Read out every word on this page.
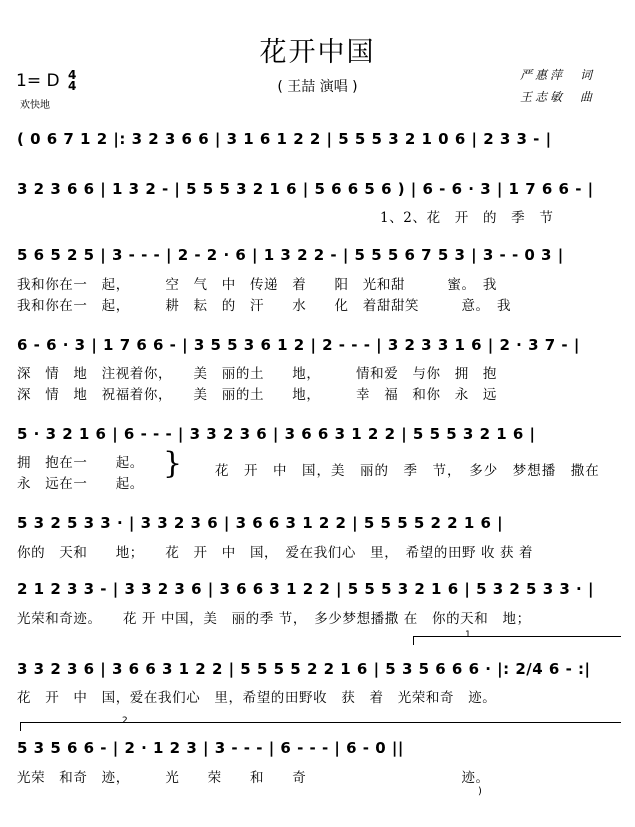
花开中国
( 王喆 演唱 )
1= D 4
4
欢快地
严惠萍　词
王志敏　曲
( 0 6 7 1 2 |: 3 2 3 6 6 | 3 1 6 1 2 2 | 5 5 5 3 2 1 0 6 | 2 3 3 - |
3 2 3 6 6 | 1 3 2 - | 5 5 5 3 2 1 6 | 5 6 6 5 6 ) | 6 - 6 · 3 | 1 7 6 6 - |
1、2、花　开　的　季　节
5 6 5 2 5 | 3 - - - | 2 - 2 · 6 | 1 3 2 2 - | 5 5 5 6 7 5 3 | 3 - - 0 3 |
我和你在一　起，　　　空　气　中　传递　着　　阳　光和甜　　　蜜。　我
我和你在一　起，　　　耕　耘　的　汗　　水　　化　着甜甜笑　　　意。　我
6 - 6 · 3 | 1 7 6 6 - | 3 5 5 3 6 1 2 | 2 - - - | 3 2 3 3 1 6 | 2 · 3 7 - |
深　情　地　注视着你，　　美　丽的土　　地，　　　情和爱　与你　拥　抱
深　情　地　祝福着你，　　美　丽的土　　地，　　　幸　福　和你　永　远
5 · 3 2 1 6 | 6 - - - | 3 3 2 3 6 | 3 6 6 3 1 2 2 | 5 5 5 3 2 1 6 |
拥　抱在一　　起。
永　远在一　　起。
} 花　开　中　国，美　丽的　季　节，　多少　梦想播　撒在
5 3 2 5 3 3 · | 3 3 2 3 6 | 3 6 6 3 1 2 2 | 5 5 5 5 2 2 1 6 |
你的　天和　　地；　　花　开　中　国，　爱在我们心　里，　希望的田野 收 获 着
2 1 2 3 3 - | 3 3 2 3 6 | 3 6 6 3 1 2 2 | 5 5 5 3 2 1 6 | 5 3 2 5 3 3 · |
光荣和奇迹。　　花 开 中国，美　丽的季 节，　多少梦想播撒 在　你的天和　地；
1
3 3 2 3 6 | 3 6 6 3 1 2 2 | 5 5 5 5 2 2 1 6 | 5 3 5 6 6 6 · |: 2/4 6 - :|
花　开　中　国，爱在我们心　里，希望的田野收　获　着　光荣和奇　迹。
2
5 3 5 6 6 - | 2 · 1 2 3 | 3 - - - | 6 - - - | 6 - 0 ||
光荣　和奇　迹，　　　光　　荣　　和　　奇　　　　　　　　　　　迹。
)
